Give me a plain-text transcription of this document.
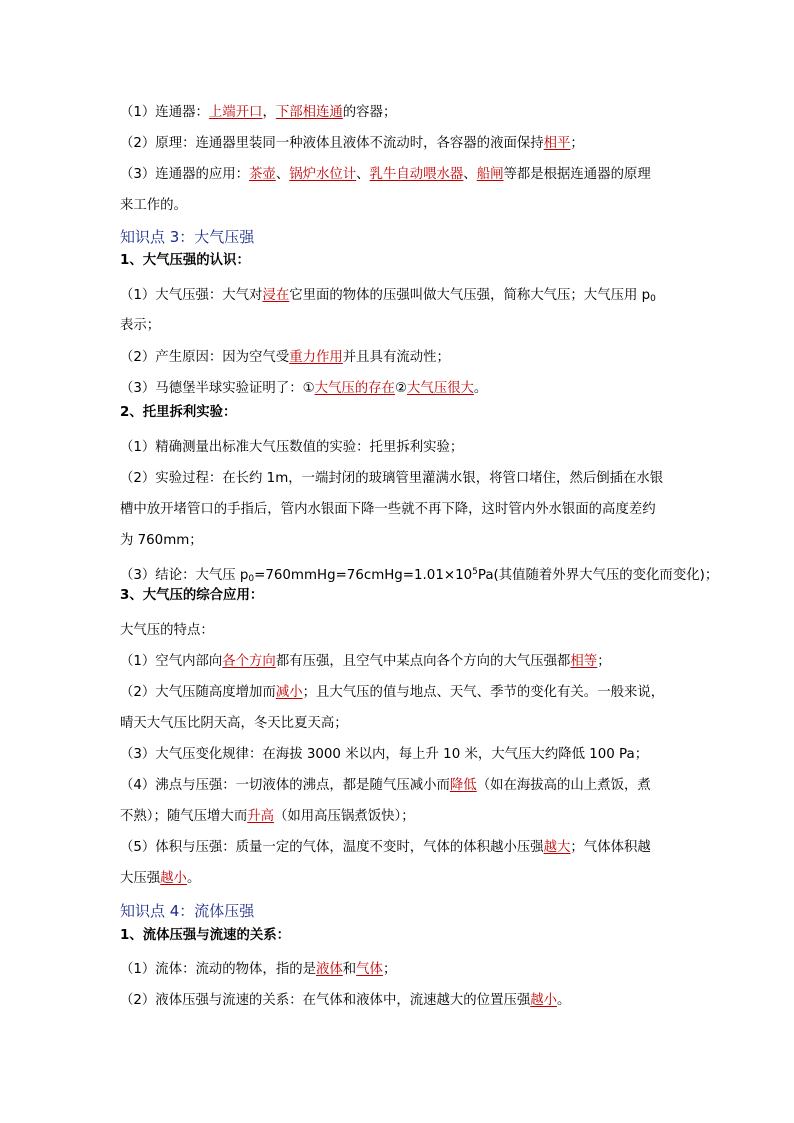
（1）连通器：上端开口，下部相连通的容器；
（2）原理：连通器里装同一种液体且液体不流动时，各容器的液面保持相平；
（3）连通器的应用：茶壶、锅炉水位计、乳牛自动喂水器、船闸等都是根据连通器的原理
来工作的。
知识点 3：大气压强
1、大气压强的认识：
（1）大气压强：大气对浸在它里面的物体的压强叫做大气压强，简称大气压；大气压用 $p_0$
表示；
（2）产生原因：因为空气受重力作用并且具有流动性；
（3）马德堡半球实验证明了：①大气压的存在②大气压很大。
2、托里拆利实验：
（1）精确测量出标准大气压数值的实验：托里拆利实验；
（2）实验过程：在长约 1m，一端封闭的玻璃管里灌满水银，将管口堵住，然后倒插在水银
槽中放开堵管口的手指后，管内水银面下降一些就不再下降，这时管内外水银面的高度差约
为 760mm；
（3）结论：大气压 $p_0=760mmHg=76cmHg=1.01\times 10^5Pa$(其值随着外界大气压的变化而变化)；
3、大气压的综合应用：
大气压的特点：
（1）空气内部向各个方向都有压强，且空气中某点向各个方向的大气压强都相等；
（2）大气压随高度增加而减小；且大气压的值与地点、天气、季节的变化有关。一般来说，
晴天大气压比阴天高，冬天比夏天高；
（3）大气压变化规律：在海拔 3000 米以内，每上升 10 米，大气压大约降低 100 Pa；
（4）沸点与压强：一切液体的沸点，都是随气压减小而降低（如在海拔高的山上煮饭，煮
不熟）；随气压增大而升高（如用高压锅煮饭快）；
（5）体积与压强：质量一定的气体，温度不变时，气体的体积越小压强越大；气体体积越
大压强越小。
知识点 4：流体压强
1、流体压强与流速的关系：
（1）流体：流动的物体，指的是液体和气体；
（2）液体压强与流速的关系：在气体和液体中，流速越大的位置压强越小。
